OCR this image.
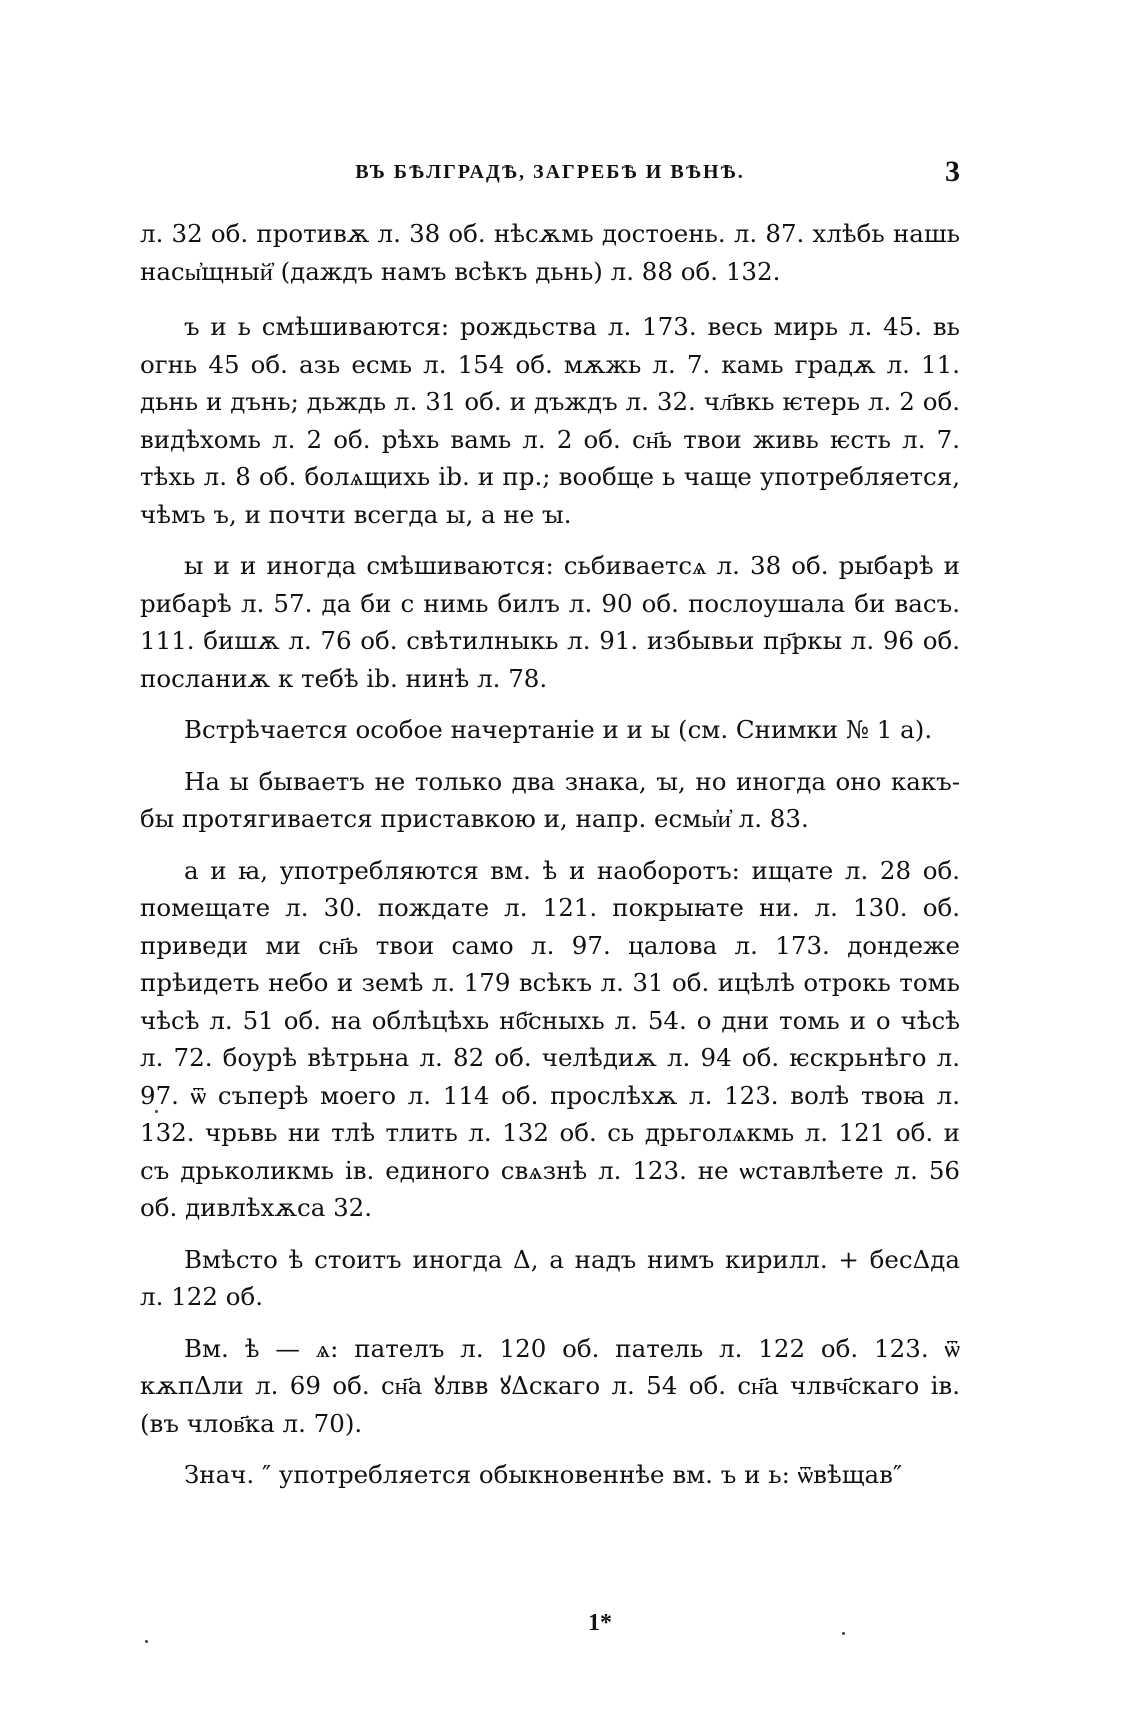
ВЪ БѢЛГРАДѢ, ЗАГРЕБѢ И ВѢНѢ.	3

л. 32 об. противѫ л. 38 об. нѣсѫмь достоень. л. 87. хлѣбь нашь насы҆щный҆ (даждъ намъ всѣкъ дьнь) л. 88 об. 132.

ъ и ь смѣшиваются: рождьства л. 173. весь мирь л. 45. вь огнь 45 об. азь есмь л. 154 об. мѫжь л. 7. камь градѫ л. 11. дьнь и дънь; дьждь л. 31 об. и дъждъ л. 32. чл҃вкь ѥтерь л. 2 об. видѣхомь л. 2 об. рѣхь вамь л. 2 об. сн҃ь твои живь ѥсть л. 7. тѣхь л. 8 об. болѧщихь ib. и пр.; вообще ь чаще употребляется, чѣмъ ъ, и почти всегда ы, а не ꙑ.

ы и и иногда смѣшиваются: сьбиваетсѧ л. 38 об. рыбарѣ и рибарѣ л. 57. да би с нимь билъ л. 90 об. послоушала би васъ. 111. бишѫ л. 76 об. свѣтилныкь л. 91. избывьи пр҃ркы л. 96 об. посланиѫ к тебѣ ib. нинѣ л. 78.

Встрѣчается особое начертаніе и и ы (см. Снимки № 1 а).

На ы бываетъ не только два знака, ꙑ, но иногда оно какъ-бы протягивается приставкою и, напр. есмы҆и҆ л. 83.

а и ꙗ, употребляются вм. ѣ и наоборотъ: ищате л. 28 об. помещате л. 30. пождате л. 121. покрыꙗте ни. л. 130. об. приведи ми сн҃ь твои само л. 97. цалова л. 173. дондеже прѣидеть небо и земѣ л. 179 всѣкъ л. 31 об. ицѣлѣ отрокь томь чѣсѣ л. 51 об. на облѣцѣхь нб҃сныхь л. 54. о дни томь и о чѣсѣ л. 72. боурѣ вѣтрьна л. 82 об. челѣдиѫ л. 94 об. ѥскрьнѣго л. 97. ѿ съперѣ моего л. 114 об. прослѣхѫ л. 123. волѣ твоꙗ л. 132. чрьвь ни тлѣ тлить л. 132 об. сь дрьголѧкмь л. 121 об. и съ дрьколикмь iв. единого свѧзнѣ л. 123. не ѡставлѣете л. 56 об. дивлѣхѫса 32.

Вмѣсто ѣ стоитъ иногда Δ, а надъ нимъ кирилл. + бесΔда л. 122 об.

Вм. ѣ — ѧ: пателъ л. 120 об. патель л. 122 об. 123. ѿ кѫпΔли л. 69 об. сн҃а ꙋлвв ꙋΔскаго л. 54 об. сн҃а члвч҃скаго iв. (въ члов҃ка л. 70).

Знач. ″ употребляется обыкновеннѣе вм. ъ и ь: ѿвѣщав″

1*
